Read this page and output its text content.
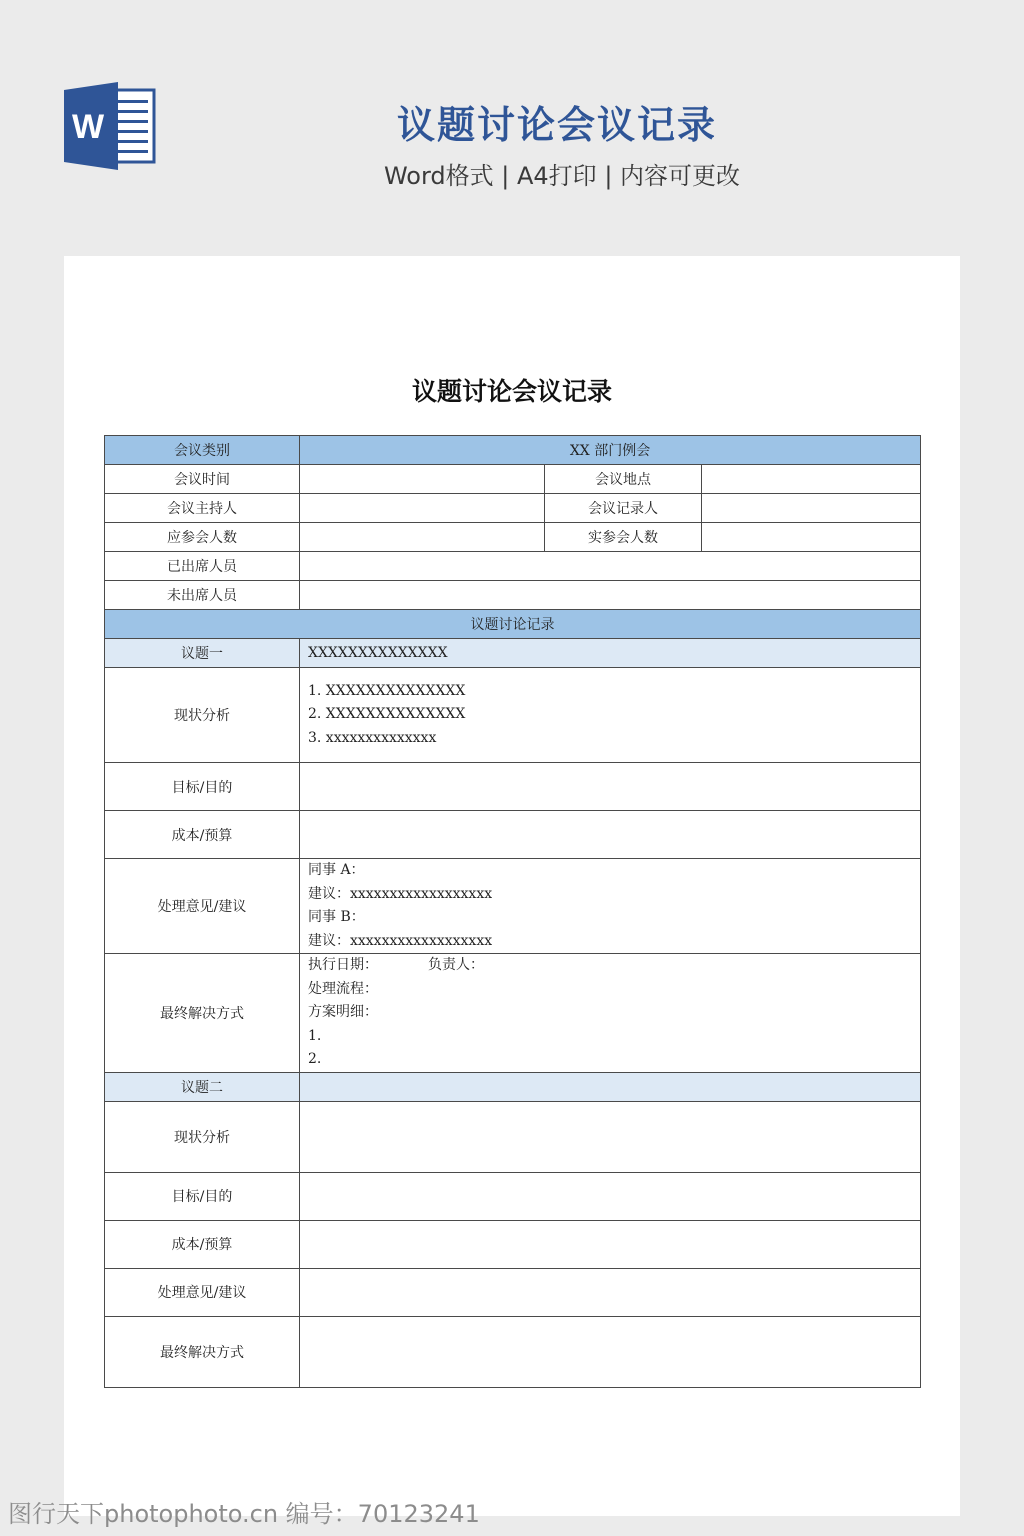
W	议题讨论会议记录
Word格式 | A4打印 | 内容可更改
议题讨论会议记录
会议类别	XX 部门例会		
会议时间		会议地点	
会议主持人		会议记录人	
应参会人数		实参会人数	
已出席人员			
未出席人员			
议题讨论记录			
议题一	XXXXXXXXXXXXXX		
现状分析	1. XXXXXXXXXXXXXX
2. XXXXXXXXXXXXXX
3. xxxxxxxxxxxxxx		

目标/目的			
成本/预算			
处理意见/建议	同事 A：
建议：xxxxxxxxxxxxxxxxxx
同事 B：
建议：xxxxxxxxxxxxxxxxxx		

最终解决方式	执行日期： 负责人：
处理流程：
方案明细：
1.
2.		

议题二			
现状分析			
目标/目的			
成本/预算			
处理意见/建议			
最终解决方式			
图行天下photophoto.cn 编号：70123241
